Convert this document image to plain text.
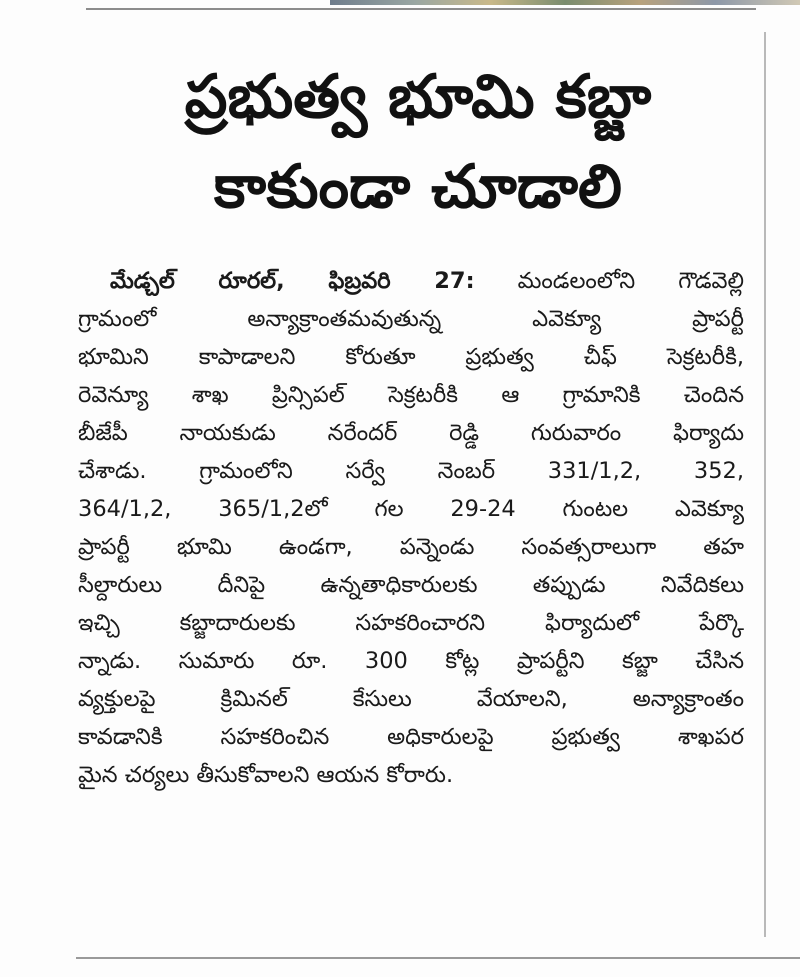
ప్రభుత్వ భూమి కబ్జా
కాకుండా చూడాలి
మేడ్చల్ రూరల్, ఫిబ్రవరి 27: మండలంలోని గౌడవెల్లి
గ్రామంలో అన్యాక్రాంతమవుతున్న ఎవెక్యూ ప్రాపర్టీ
భూమిని కాపాడాలని కోరుతూ ప్రభుత్వ చీఫ్ సెక్రటరీకి,
రెవెన్యూ శాఖ ప్రిన్సిపల్ సెక్రటరీకి ఆ గ్రామానికి చెందిన
బీజేపీ నాయకుడు నరేందర్ రెడ్డి గురువారం ఫిర్యాదు
చేశాడు. గ్రామంలోని సర్వే నెంబర్ 331/1,2, 352,
364/1,2, 365/1,2లో గల 29-24 గుంటల ఎవెక్యూ
ప్రాపర్టీ భూమి ఉండగా, పన్నెండు సంవత్సరాలుగా తహ
సీల్దారులు దీనిపై ఉన్నతాధికారులకు తప్పుడు నివేదికలు
ఇచ్చి కబ్జాదారులకు సహకరించారని ఫిర్యాదులో పేర్కొ
న్నాడు. సుమారు రూ. 300 కోట్ల ప్రాపర్టీని కబ్జా చేసిన
వ్యక్తులపై క్రిమినల్ కేసులు వేయాలని, అన్యాక్రాంతం
కావడానికి సహకరించిన అధికారులపై ప్రభుత్వ శాఖపర
మైన చర్యలు తీసుకోవాలని ఆయన కోరారు.
